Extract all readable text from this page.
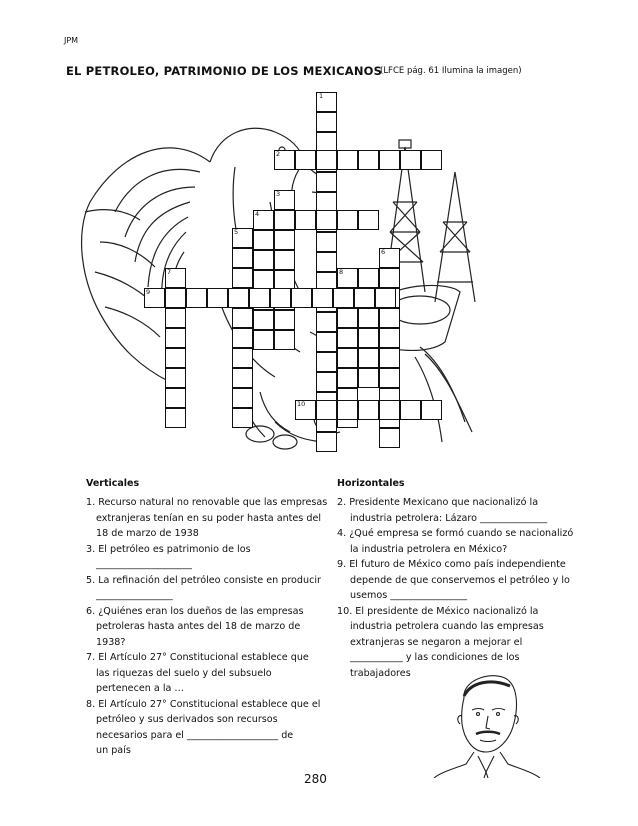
JPM
EL PETROLEO, PATRIMONIO DE LOS MEXICANOS
(LFCE pág. 61 Ilumina la imagen)
1
2
3
4
5
6
7	8
9
10
Verticales	Horizontales
1. Recurso natural no renovable que las empresas
extranjeras tenían en su poder hasta antes del
18 de marzo de 1938
3. El petróleo es patrimonio de los
____________________
5. La refinación del petróleo consiste en producir
________________
6. ¿Quiénes eran los dueños de las empresas
petroleras hasta antes del 18 de marzo de
1938?
7. El Artículo 27° Constitucional establece que
las riquezas del suelo y del subsuelo
pertenecen a la …
8. El Artículo 27° Constitucional establece que el
petróleo y sus derivados son recursos
necesarios para el ___________________ de
un país
2. Presidente Mexicano que nacionalizó la
industria petrolera: Lázaro ______________
4. ¿Qué empresa se formó cuando se nacionalizó
la industria petrolera en México?
9. El futuro de México como país independiente
depende de que conservemos el petróleo y lo
usemos ________________
10. El presidente de México nacionalizó la
industria petrolera cuando las empresas
extranjeras se negaron a mejorar el
___________ y las condiciones de los
trabajadores
280
